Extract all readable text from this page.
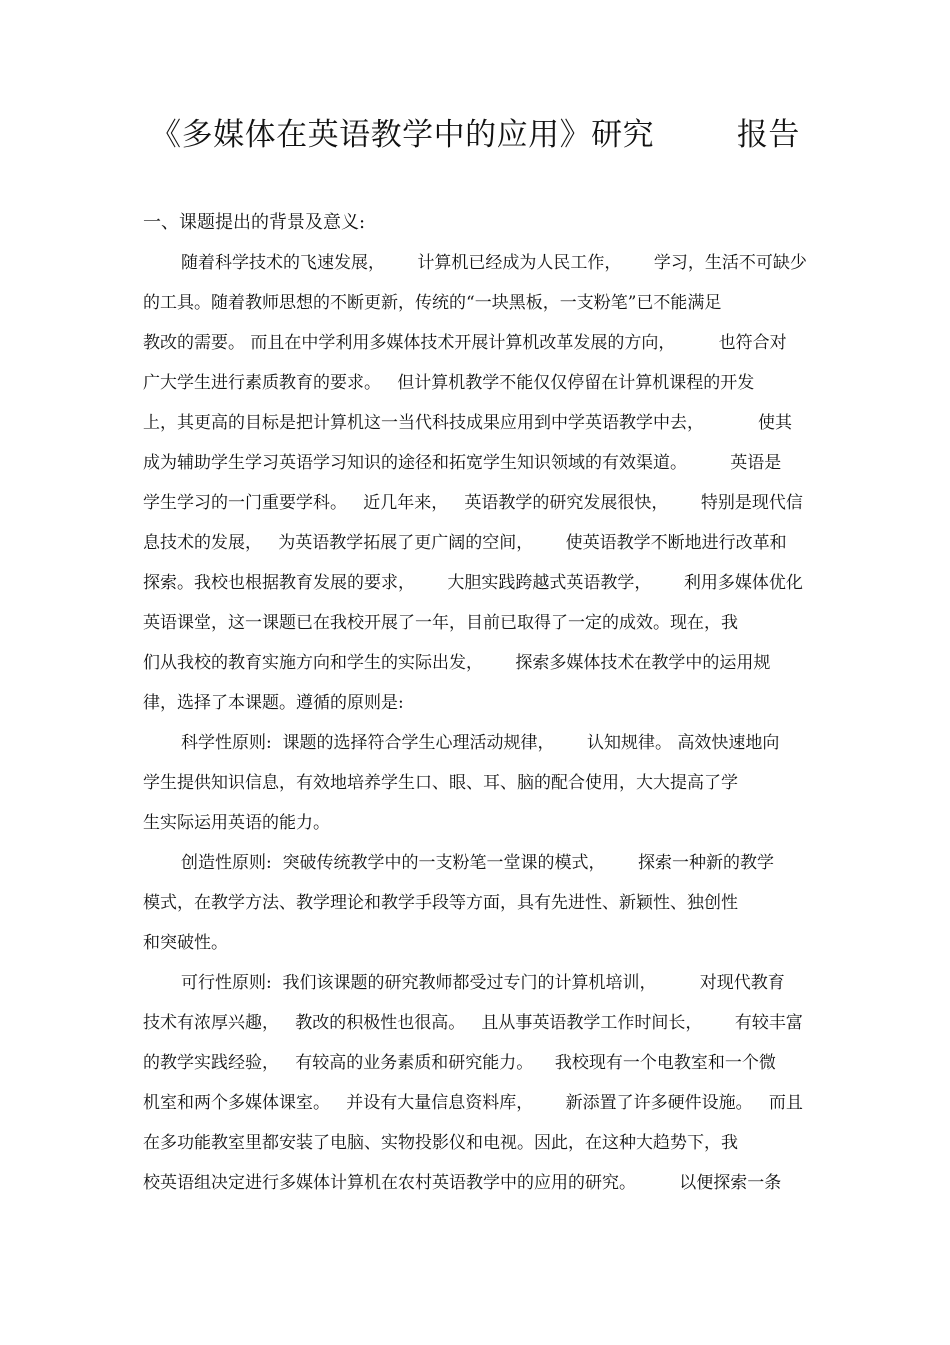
《多媒体在英语教学中的应用》研究        报告
一、课题提出的背景及意义:
随着科学技术的飞速发展，      计算机已经成为人民工作，      学习，生活不可缺少
的工具。随着教师思想的不断更新，传统的“一块黑板，一支粉笔”已不能满足
教改的需要。 而且在中学利用多媒体技术开展计算机改革发展的方向，        也符合对
广大学生进行素质教育的要求。   但计算机教学不能仅仅停留在计算机课程的开发
上，其更高的目标是把计算机这一当代科技成果应用到中学英语教学中去，          使其
成为辅助学生学习英语学习知识的途径和拓宽学生知识领域的有效渠道。        英语是
学生学习的一门重要学科。   近几年来，   英语教学的研究发展很快，      特别是现代信
息技术的发展，   为英语教学拓展了更广阔的空间，      使英语教学不断地进行改革和
探索。我校也根据教育发展的要求，      大胆实践跨越式英语教学，      利用多媒体优化
英语课堂，这一课题已在我校开展了一年，目前已取得了一定的成效。现在，我
们从我校的教育实施方向和学生的实际出发，      探索多媒体技术在教学中的运用规
律，选择了本课题。遵循的原则是:
科学性原则:  课题的选择符合学生心理活动规律，      认知规律。 高效快速地向
学生提供知识信息，有效地培养学生口、眼、耳、脑的配合使用，大大提高了学
生实际运用英语的能力。
创造性原则:  突破传统教学中的一支粉笔一堂课的模式，      探索一种新的教学
模式，在教学方法、教学理论和教学手段等方面，具有先进性、新颖性、独创性
和突破性。
可行性原则:  我们该课题的研究教师都受过专门的计算机培训，        对现代教育
技术有浓厚兴趣，   教改的积极性也很高。   且从事英语教学工作时间长，      有较丰富
的教学实践经验，   有较高的业务素质和研究能力。    我校现有一个电教室和一个微
机室和两个多媒体课室。   并设有大量信息资料库，      新添置了许多硬件设施。   而且
在多功能教室里都安装了电脑、实物投影仪和电视。因此，在这种大趋势下，我
校英语组决定进行多媒体计算机在农村英语教学中的应用的研究。        以便探索一条
